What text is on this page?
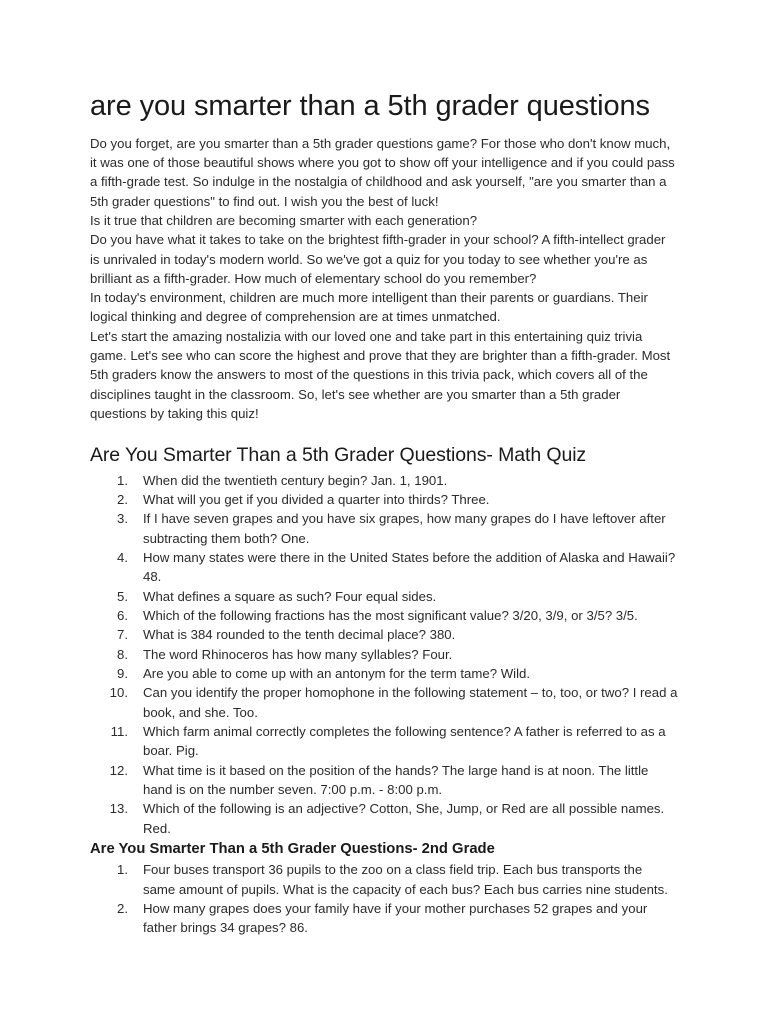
are you smarter than a 5th grader questions

Do you forget, are you smarter than a 5th grader questions game? For those who don't know much, it was one of those beautiful shows where you got to show off your intelligence and if you could pass a fifth-grade test. So indulge in the nostalgia of childhood and ask yourself, "are you smarter than a 5th grader questions" to find out. I wish you the best of luck!

Is it true that children are becoming smarter with each generation?

Do you have what it takes to take on the brightest fifth-grader in your school? A fifth-intellect grader is unrivaled in today's modern world. So we've got a quiz for you today to see whether you're as brilliant as a fifth-grader. How much of elementary school do you remember?

In today's environment, children are much more intelligent than their parents or guardians. Their logical thinking and degree of comprehension are at times unmatched.

Let's start the amazing nostalizia with our loved one and take part in this entertaining quiz trivia game. Let's see who can score the highest and prove that they are brighter than a fifth-grader. Most 5th graders know the answers to most of the questions in this trivia pack, which covers all of the disciplines taught in the classroom. So, let's see whether are you smarter than a 5th grader questions by taking this quiz!

Are You Smarter Than a 5th Grader Questions- Math Quiz
1. When did the twentieth century begin? Jan. 1, 1901.
2. What will you get if you divided a quarter into thirds? Three.
3. If I have seven grapes and you have six grapes, how many grapes do I have leftover after subtracting them both? One.
4. How many states were there in the United States before the addition of Alaska and Hawaii? 48.
5. What defines a square as such? Four equal sides.
6. Which of the following fractions has the most significant value? 3/20, 3/9, or 3/5? 3/5.
7. What is 384 rounded to the tenth decimal place? 380.
8. The word Rhinoceros has how many syllables? Four.
9. Are you able to come up with an antonym for the term tame? Wild.
10. Can you identify the proper homophone in the following statement – to, too, or two? I read a book, and she. Too.
11. Which farm animal correctly completes the following sentence? A father is referred to as a boar. Pig.
12. What time is it based on the position of the hands? The large hand is at noon. The little hand is on the number seven. 7:00 p.m. - 8:00 p.m.
13. Which of the following is an adjective? Cotton, She, Jump, or Red are all possible names. Red.
Are You Smarter Than a 5th Grader Questions- 2nd Grade
1. Four buses transport 36 pupils to the zoo on a class field trip. Each bus transports the same amount of pupils. What is the capacity of each bus? Each bus carries nine students.
2. How many grapes does your family have if your mother purchases 52 grapes and your father brings 34 grapes? 86.
